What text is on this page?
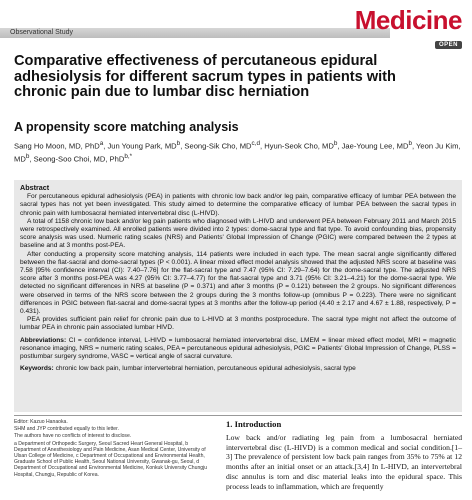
Observational Study	Medicine
OPEN
Comparative effectiveness of percutaneous epidural adhesiolysis for different sacrum types in patients with chronic pain due to lumbar disc herniation
A propensity score matching analysis
Sang Ho Moon, MD, PhD$^a$, Jun Young Park, $MD^b$, Seong-Sik Cho, MD$^{c,d}$, Hyun-Seok Cho, $MD^b$, Jae-Young Lee, $MD^b$, Yeon Ju Kim, $MD^b$, Seong-Soo Choi, MD, PhD$^{b,*}$
Abstract

For percutaneous epidural adhesiolysis (PEA) in patients with chronic low back and/or leg pain, comparative efficacy of lumbar PEA between the sacral types has not yet been investigated. This study aimed to determine the comparative efficacy of lumbar PEA between the sacral types in chronic pain with lumbosacral herniated intervertebral disc (L-HIVD).

A total of 1158 chronic low back and/or leg pain patients who diagnosed with L-HIVD and underwent PEA between February 2011 and March 2015 were retrospectively examined. All enrolled patients were divided into 2 types: dome-sacral type and flat type. To avoid confounding bias, propensity score analysis was used. Numeric rating scales (NRS) and Patients' Global Impression of Change (PGIC) were compared between the 2 types at baseline and at 3 months post-PEA.

After conducting a propensity score matching analysis, 114 patients were included in each type. The mean sacral angle significantly differed between the flat-sacral and dome-sacral types (P < 0.001). A linear mixed effect model analysis showed that the adjusted NRS score at baseline was 7.58 [95% confidence interval (CI): 7.40–7.76] for the flat-sacral type and 7.47 (95% CI: 7.29–7.64) for the dome-sacral type. The adjusted NRS score after 3 months post-PEA was 4.27 (95% CI: 3.77–4.77) for the flat-sacral type and 3.71 (95% CI: 3.21–4.21) for the dome-sacral type. We detected no significant differences in NRS at baseline (P = 0.371) and after 3 months (P = 0.121) between the 2 groups. No significant differences were observed in terms of the NRS score between the 2 groups during the 3 months follow-up (omnibus P = 0.223). There were no significant differences in PGIC between flat-sacral and dome-sacral types at 3 months after the follow-up period (4.40 ± 2.17 and 4.67 ± 1.88, respectively, P = 0.431).

PEA provides sufficient pain relief for chronic pain due to L-HIVD at 3 months postprocedure. The sacral type might not affect the outcome of lumbar PEA in chronic pain associated lumbar HIVD.

Abbreviations: CI = confidence interval, L-HIVD = lumbosacral herniated intervertebral disc, LMEM = linear mixed effect model, MRI = magnetic resonance imaging, NRS = numeric rating scales, PEA = percutaneous epidural adhesiolysis, PGIC = Patients' Global Impression of Change, PLSS = postlumbar surgery syndrome, VASC = vertical angle of sacral curvature.
Keywords: chronic low back pain, lumbar intervertebral herniation, percutaneous epidural adhesiolysis, sacral type

Editor: Kazuo Hanaoka.

SHM and JYP contributed equally to this letter.

The authors have no conflicts of interest to disclose.

a Department of Orthopedic Surgery, Seoul Sacred Heart General Hospital, b Department of Anesthesiology and Pain Medicine, Asan Medical Center, University of Ulsan College of Medicine, c Department of Occupational and Environmental Health, Graduate School of Public Health, Seoul National University, Gwanak-gu, Seoul, d Department of Occupational and Environmental Medicine, Konkuk University Chungju Hospital, Chungju, Republic of Korea.

1. Introduction
Low back and/or radiating leg pain from a lumbosacral herniated intervertebral disc (L-HIVD) is a common medical and social condition.[1–3] The prevalence of persistent low back pain ranges from 35% to 75% at 12 months after an initial onset or an attack.[3,4] In L-HIVD, an intervertebral disc annulus is torn and disc material leaks into the epidural space. This process leads to inflammation, which are frequently
